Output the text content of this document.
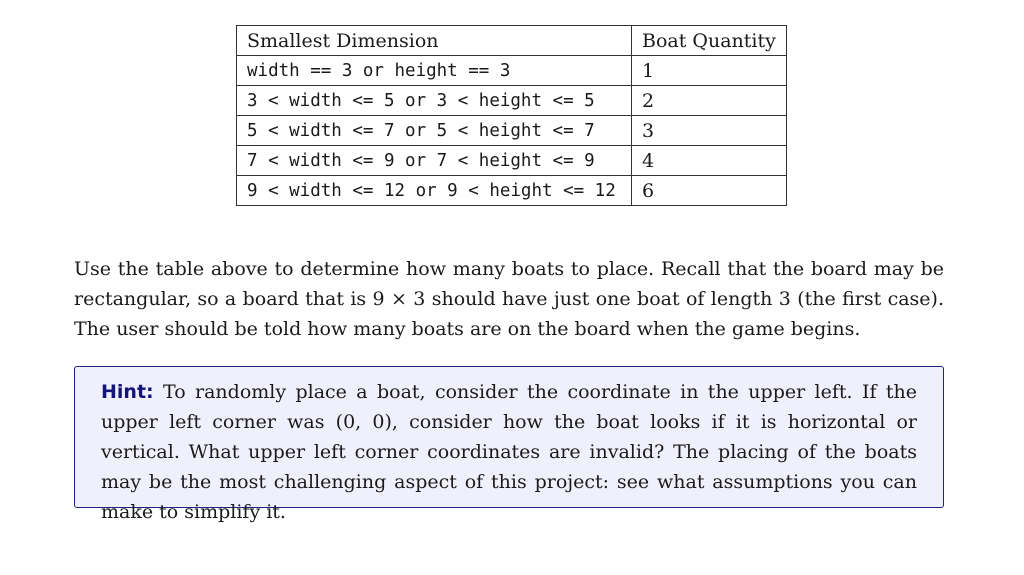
Smallest Dimension	Boat Quantity
width == 3 or height == 3	1
3 < width <= 5 or 3 < height <= 5	2
5 < width <= 7 or 5 < height <= 7	3
7 < width <= 9 or 7 < height <= 9	4
9 < width <= 12 or 9 < height <= 12	6

Use the table above to determine how many boats to place. Recall that the board may be rectangular, so a board that is 9 × 3 should have just one boat of length 3 (the first case). The user should be told how many boats are on the board when the game begins.

Hint: To randomly place a boat, consider the coordinate in the upper left. If the upper left corner was (0, 0), consider how the boat looks if it is horizontal or vertical. What upper left corner coordinates are invalid? The placing of the boats may be the most challenging aspect of this project: see what assumptions you can make to simplify it.
